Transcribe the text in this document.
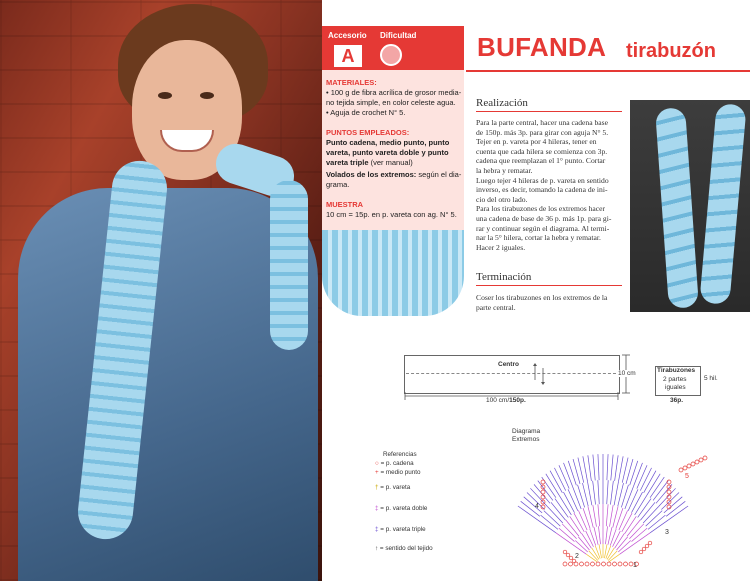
Accesorio Dificultad
A	BUFANDA tirabuzón
MATERIALES:
• 100 g de fibra acrílica de grosor media-
no tejida simple, en color celeste agua.
• Aguja de crochet N° 5.
PUNTOS EMPLEADOS:
Punto cadena, medio punto, punto
vareta, punto vareta doble y punto
vareta triple (ver manual)
Volados de los extremos: según el dia-
grama.
MUESTRA
10 cm = 15p. en p. vareta con ag. N° 5.
Realización
Para la parte central, hacer una cadena base
de 150p. más 3p. para girar con aguja N° 5.
Tejer en p. vareta por 4 hileras, tener en
cuenta que cada hilera se comienza con 3p.
cadena que reemplazan el 1° punto. Cortar
la hebra y rematar.
Luego tejer 4 hileras de p. vareta en sentido
inverso, es decir, tomando la cadena de ini-
cio del otro lado.
Para los tirabuzones de los extremos hacer
una cadena de base de 36 p. más 1p. para gi-
rar y continuar según el diagrama. Al termi-
nar la 5° hilera, cortar la hebra y rematar.
Hacer 2 iguales.
Terminación
Coser los tirabuzones en los extremos de la
parte central.
Centro
10 cm
100 cm/150p.
Tirabuzones
2 partes
iguales
5 hil.
36p.
Referencias
○ = p. cadena
+ = medio punto
† = p. vareta
‡ = p. vareta doble
‡ = p. vareta triple
↑ = sentido del tejido
Diagrama
Extremos
5
4
3
2
1
